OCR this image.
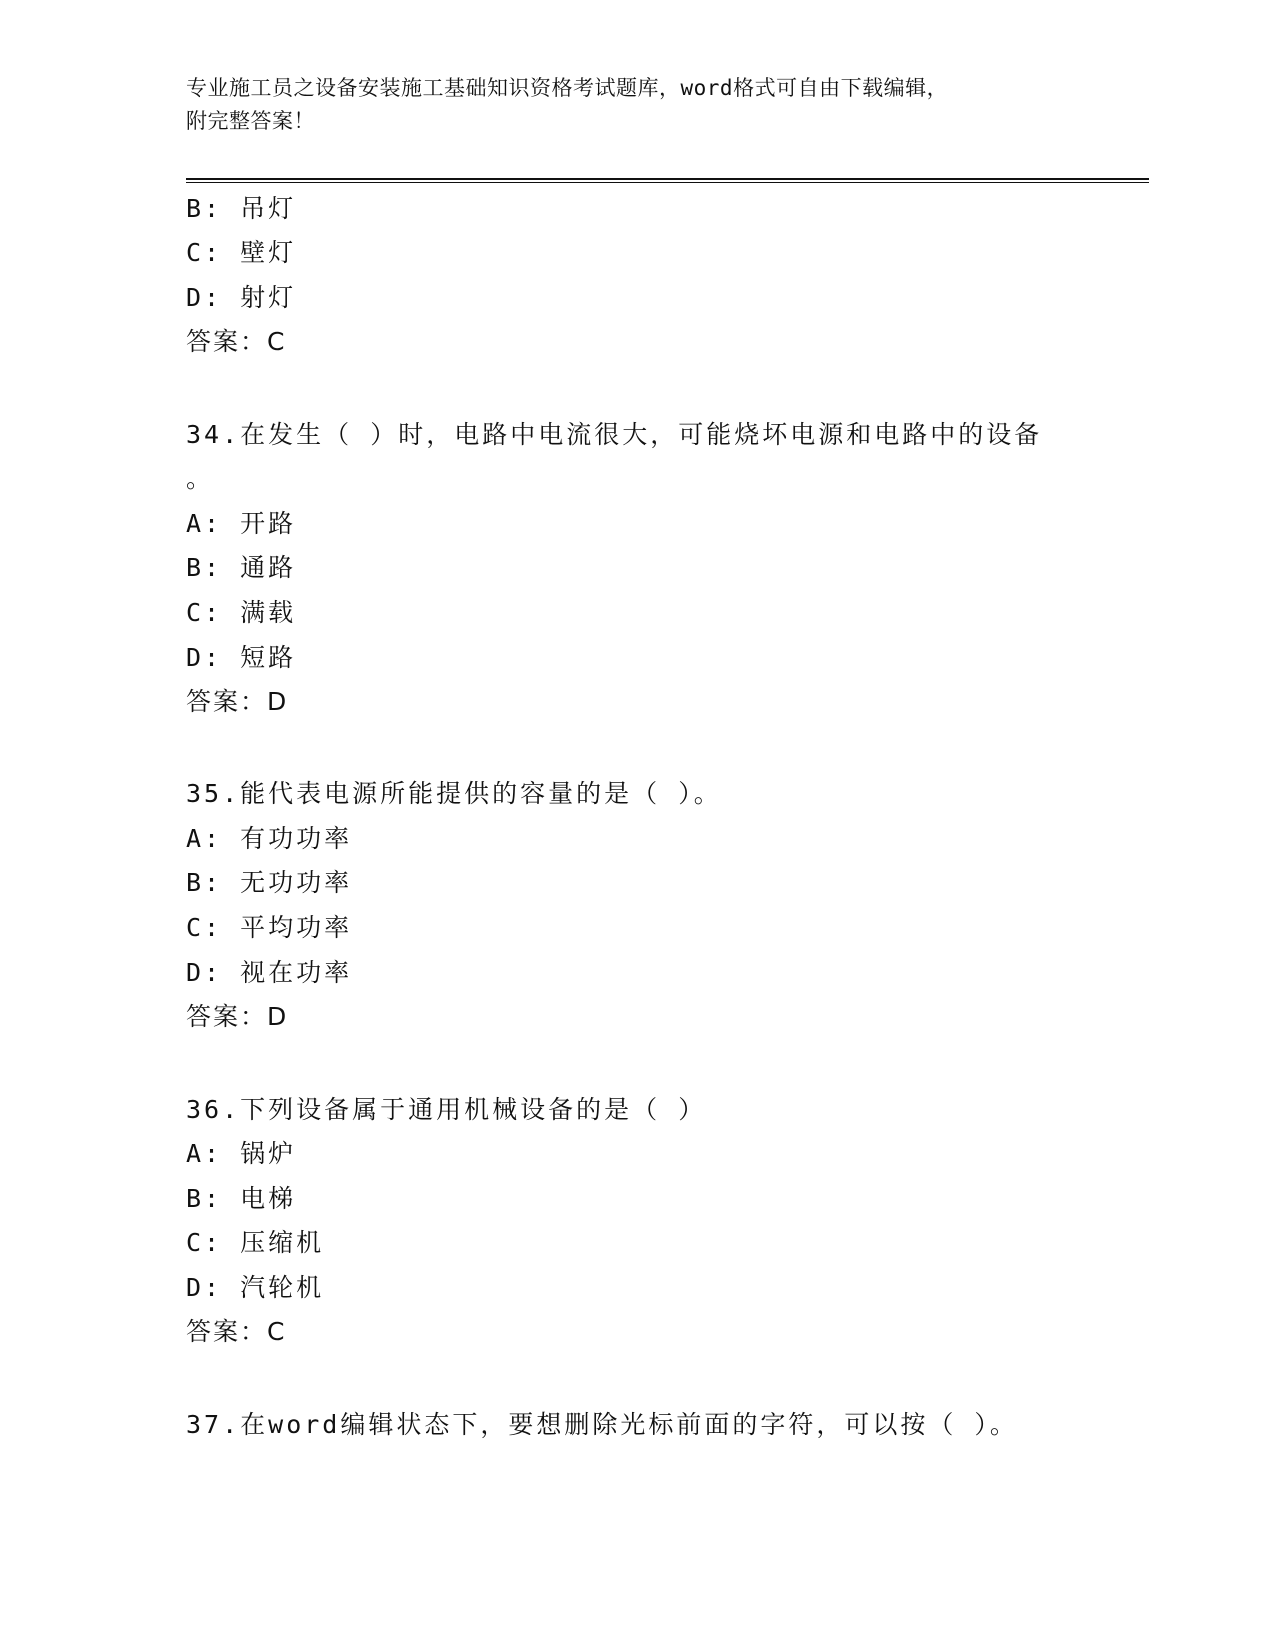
专业施工员之设备安装施工基础知识资格考试题库，word格式可自由下载编辑，
附完整答案！
B: 吊灯
C: 壁灯
D: 射灯
答案：C
34.在发生（ ）时，电路中电流很大，可能烧坏电源和电路中的设备
。
A: 开路
B: 通路
C: 满载
D: 短路
答案：D
35.能代表电源所能提供的容量的是（ ）。
A: 有功功率
B: 无功功率
C: 平均功率
D: 视在功率
答案：D
36.下列设备属于通用机械设备的是（ ）
A: 锅炉
B: 电梯
C: 压缩机
D: 汽轮机
答案：C
37.在word编辑状态下，要想删除光标前面的字符，可以按（ ）。
